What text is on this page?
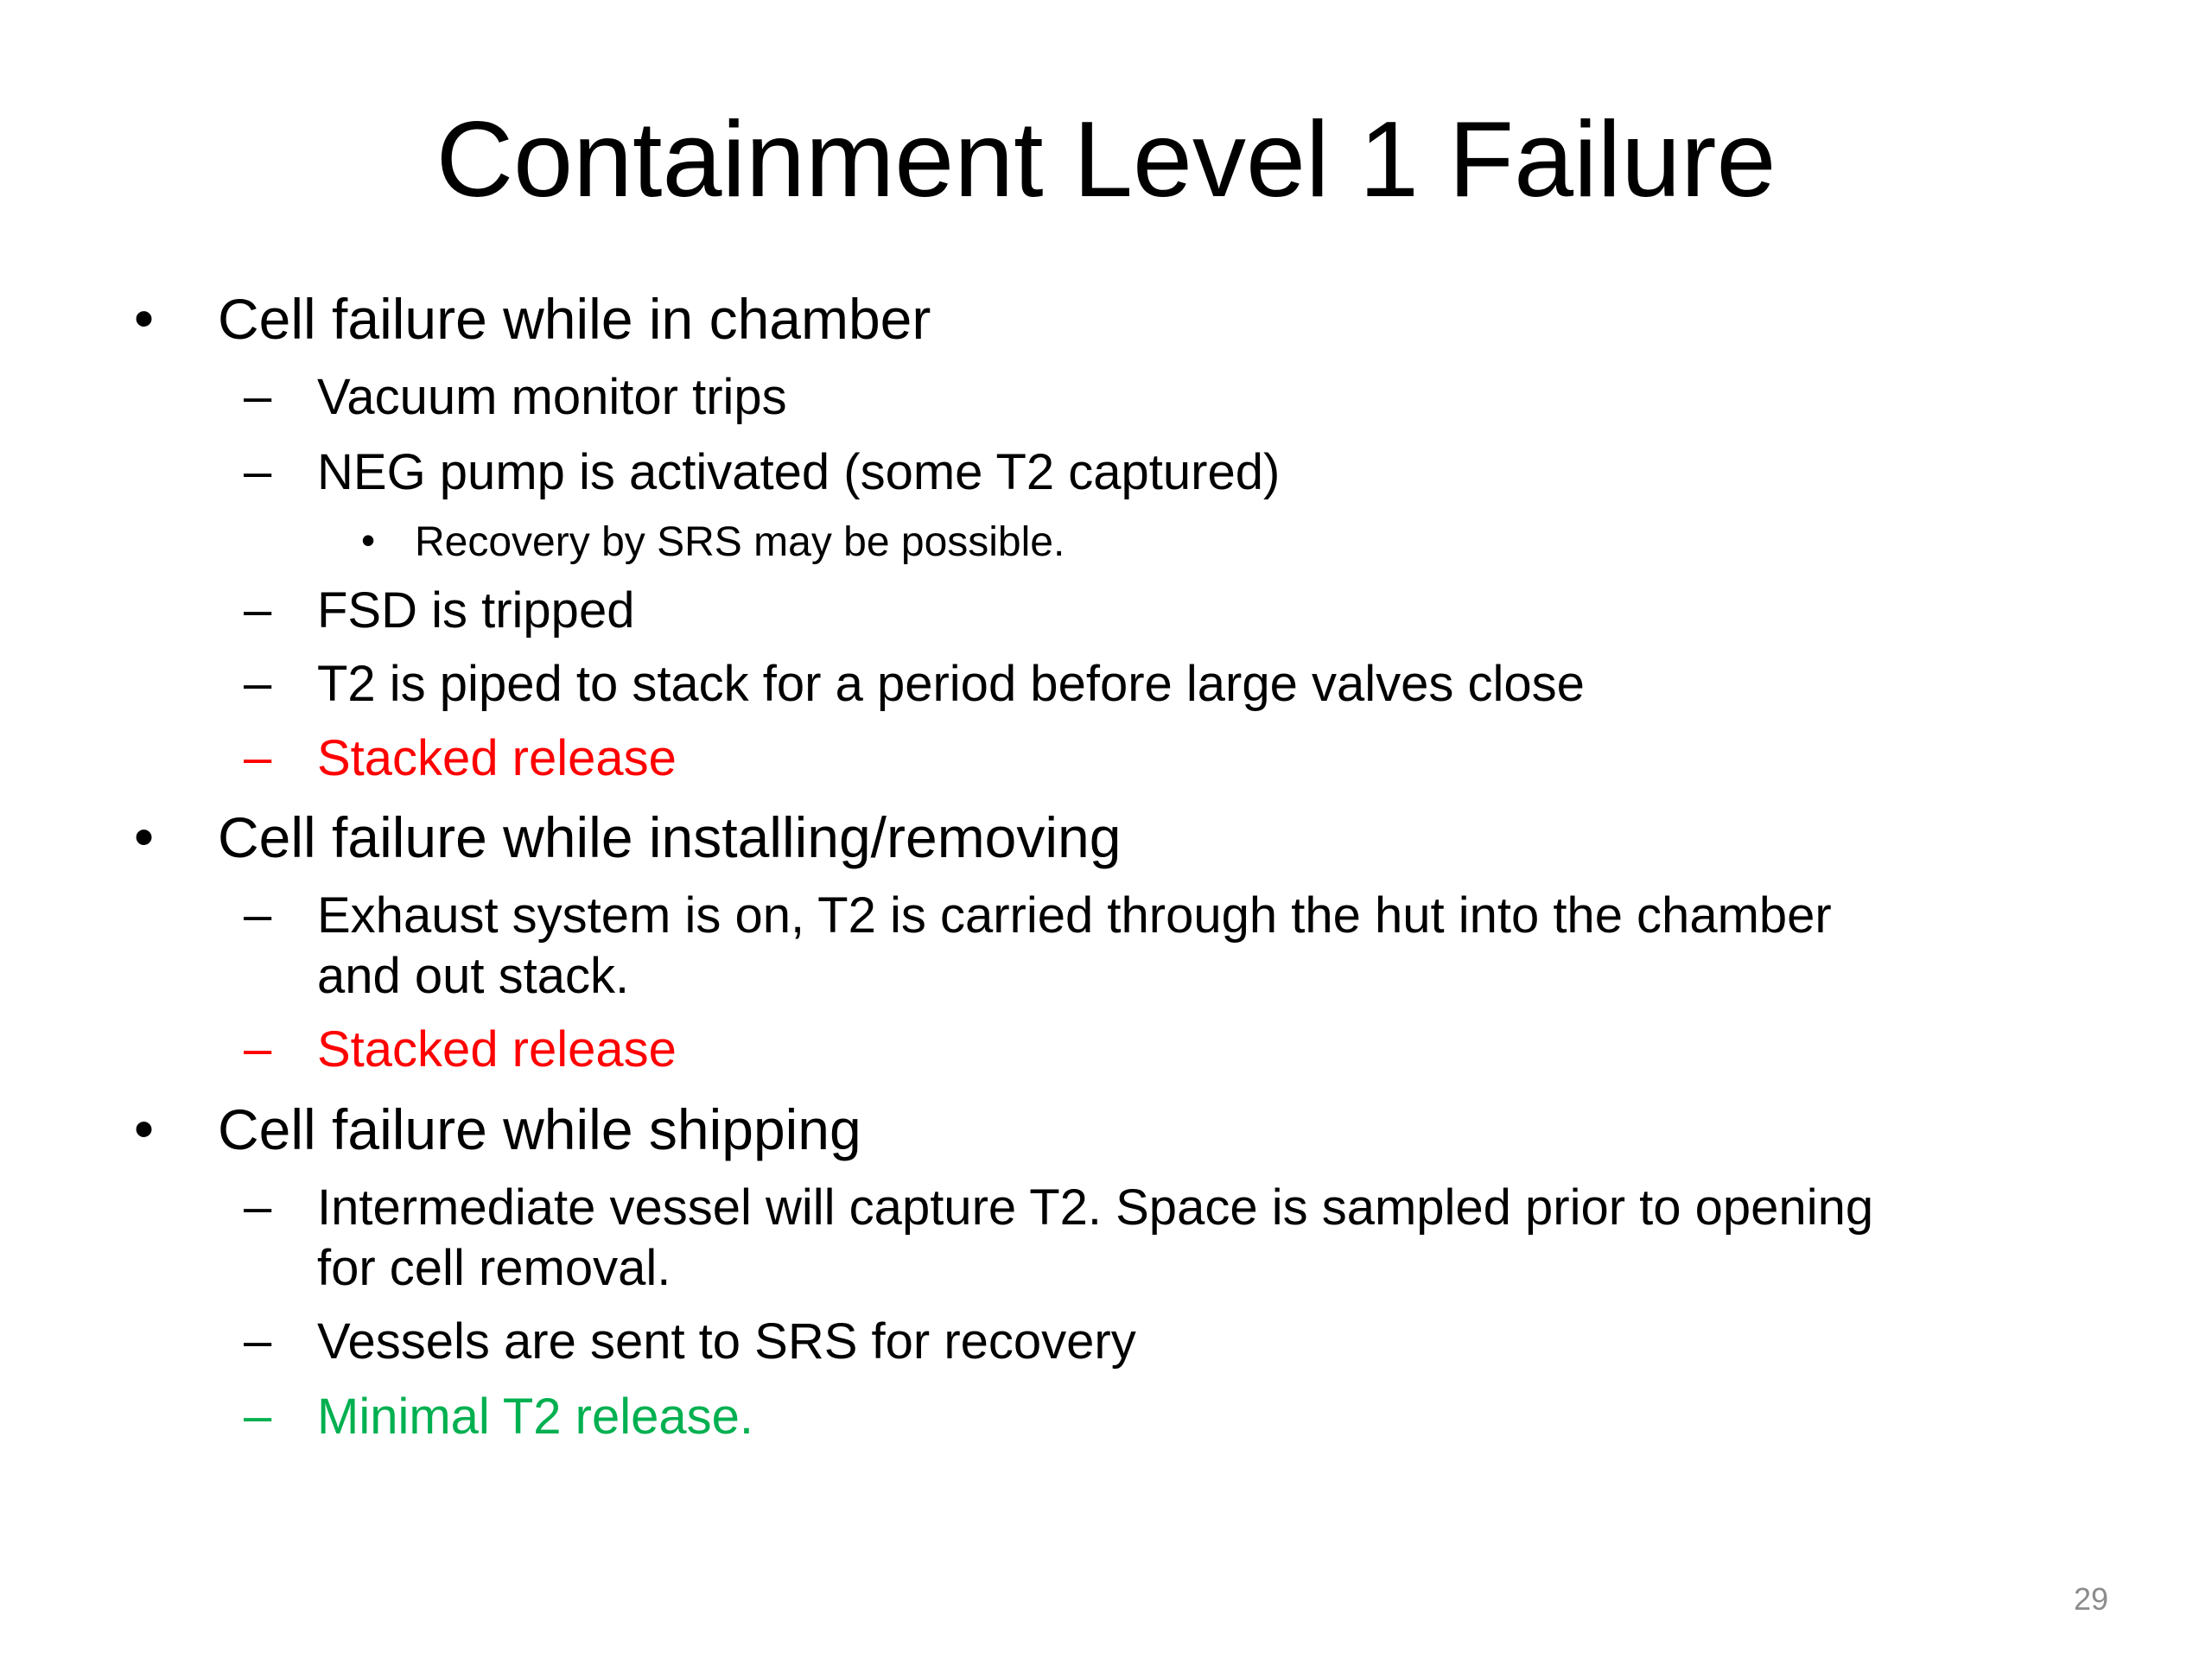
Containment Level 1 Failure
• Cell failure while in chamber
– Vacuum monitor trips
– NEG pump is activated (some T2 captured)
• Recovery by SRS may be possible.
– FSD is tripped
– T2 is piped to stack for a period before large valves close
– Stacked release
• Cell failure while installing/removing
– Exhaust system is on, T2 is carried through the hut into the chamber
and out stack.
– Stacked release
• Cell failure while shipping
– Intermediate vessel will capture T2. Space is sampled prior to opening
for cell removal.
– Vessels are sent to SRS for recovery
– Minimal T2 release.
29
